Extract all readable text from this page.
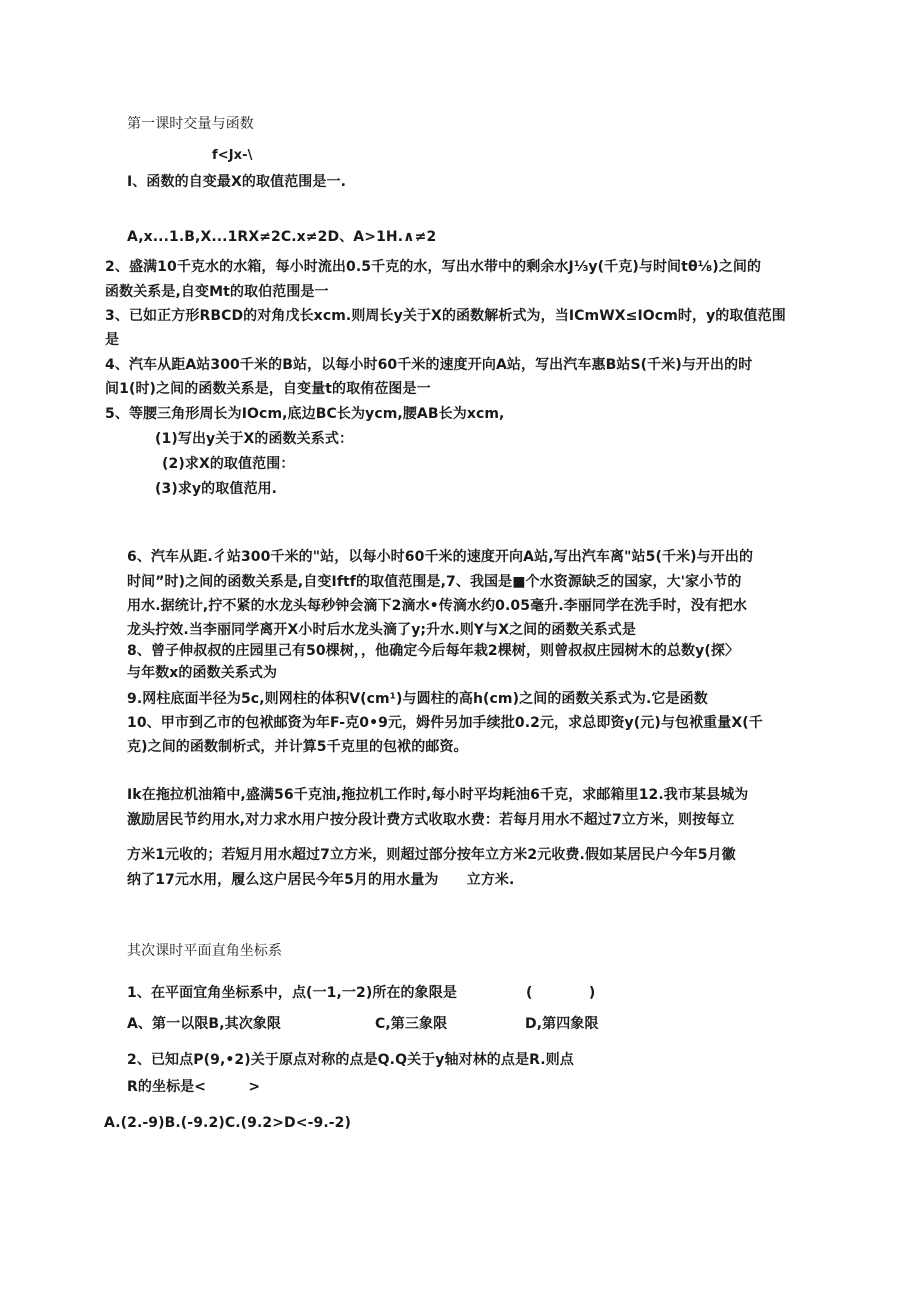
第一课时交量与函数
f<Jx-\
I、函数的自变最X的取值范围是一.
A,x...1.B,X...1RX≠2C.x≠2D、A>1H.∧≠2
2、盛满10千克水的水箱，每小时流出0.5千克的水，写出水带中的剩余水J⅓y(千克)与时间tθ⅛)之间的
函数关系是,自变Mt的取伯范围是一
3、已如正方形RBCD的对角戊长xcm.则周长y关于X的函数解析式为，当ICmWX≤IOcm时，y的取值范围
是
4、汽车从距A站300千米的B站，以每小时60千米的速度开向A站，写出汽车惠B站S(千米)与开出的时
间1(时)之间的函数关系是，自变量t的取侑莅图是一
5、等腰三角形周长为IOcm,底边BC长为ycm,腰AB长为xcm,
(1)写出y关于X的函数关系式：
(2)求X的取值范围：
(3)求y的取值范用.
6、汽车从距.彳站300千米的"站，以每小时60千米的速度开向A站,写出汽车离"站5(千米)与开出的
时间”时)之间的函数关系是,自变Iftf的取值范围是,7、我国是■个水资源缺乏的国家，大'家小节的
用水.据统计,拧不紧的水龙头每秒钟会滴下2滴水•传滴水约0.05毫升.李丽同学在洗手时，没有把水
龙头拧效.当李丽同学离开X小时后水龙头滴了y;升水.则Y与X之间的函数关系式是
8、曾子伸叔叔的庄园里己有50棵树，，他确定今后每年栽2棵树，则曾叔叔庄园树木的总数y(探〉
与年数x的函数关系式为
9.网柱底面半径为5c,则网柱的体积V(cm¹)与圆柱的高h(cm)之间的函数关系式为.它是函数
10、甲市到乙市的包袱邮资为年F-克0•9元，姆件另加手续批0.2元，求总即资y(元)与包袱重量X(千
克)之间的函数制析式，并计算5千克里的包袱的邮资。
Ik在拖拉机油箱中,盛满56千克油,拖拉机工作时,每小时平均耗油6千克，求邮箱里12.我市某县城为
激励居民节约用水,对力求水用户按分段计费方式收取水费：若每月用水不超过7立方米，则按每立
方米1元收的；若短月用水超过7立方米，则超过部分按年立方米2元收费.假如某居民户今年5月徽
纳了17元水用，履么这户居民今年5月的用水量为　　立方米.
其次课时平面直角坐标系
1、在平面宜角坐标系中，点(一1,一2)所在的象限是	(　　　　)
A、第一以限B,其次象限	C,第三象限	D,第四象限
2、已知点P(9,•2)关于原点对称的点是Q.Q关于y轴对林的点是R.则点
R的坐标是<　　　>
A.(2.-9)B.(-9.2)C.(9.2>D<-9.-2)
